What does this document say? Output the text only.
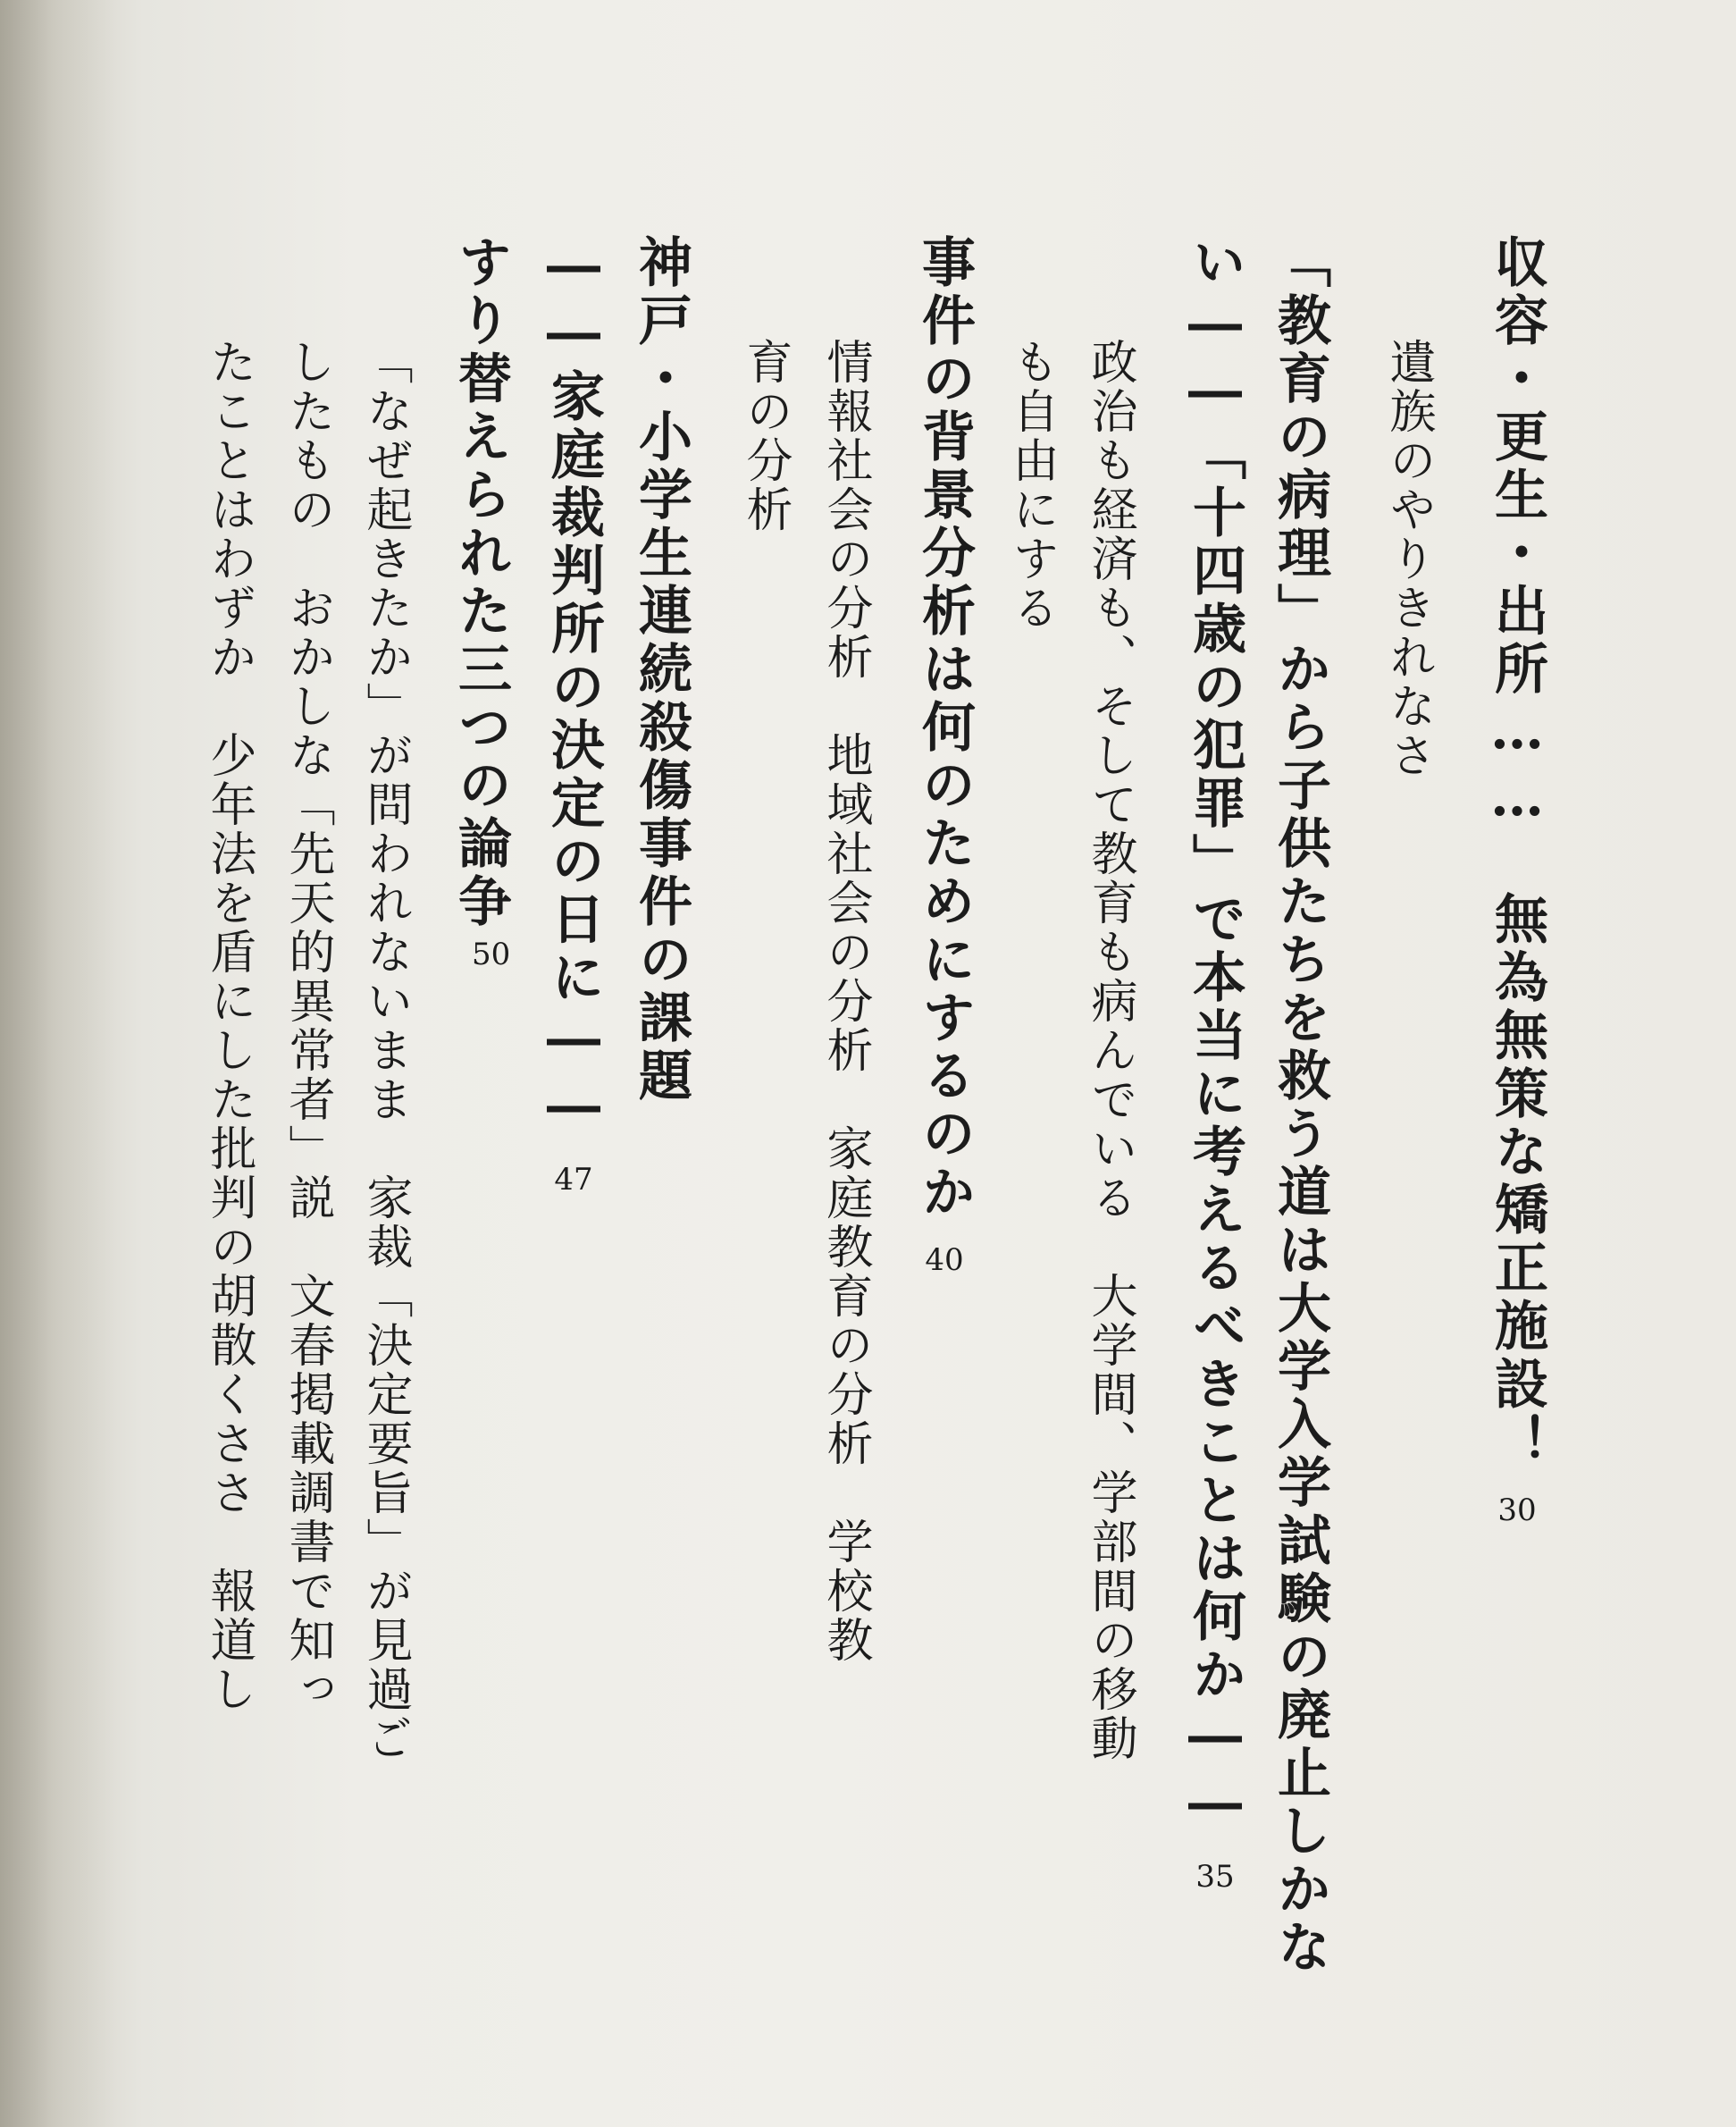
収容・更生・出所……　無為無策な矯正施設！30

遺族のやりきれなさ

「教育の病理」から子供たちを救う道は大学入学試験の廃止しかな

い――「十四歳の犯罪」で本当に考えるべきことは何か――35

政治も経済も、そして教育も病んでいる　大学間、学部間の移動

も自由にする

事件の背景分析は何のためにするのか40

情報社会の分析　地域社会の分析　家庭教育の分析　学校教

育の分析

神戸・小学生連続殺傷事件の課題

――家庭裁判所の決定の日に――47

すり替えられた三つの論争

50

「なぜ起きたか」が問われないまま　家裁「決定要旨」が見過ご

したもの　おかしな「先天的異常者」説　文春掲載調書で知っ

たことはわずか　少年法を盾にした批判の胡散くささ　報道し
